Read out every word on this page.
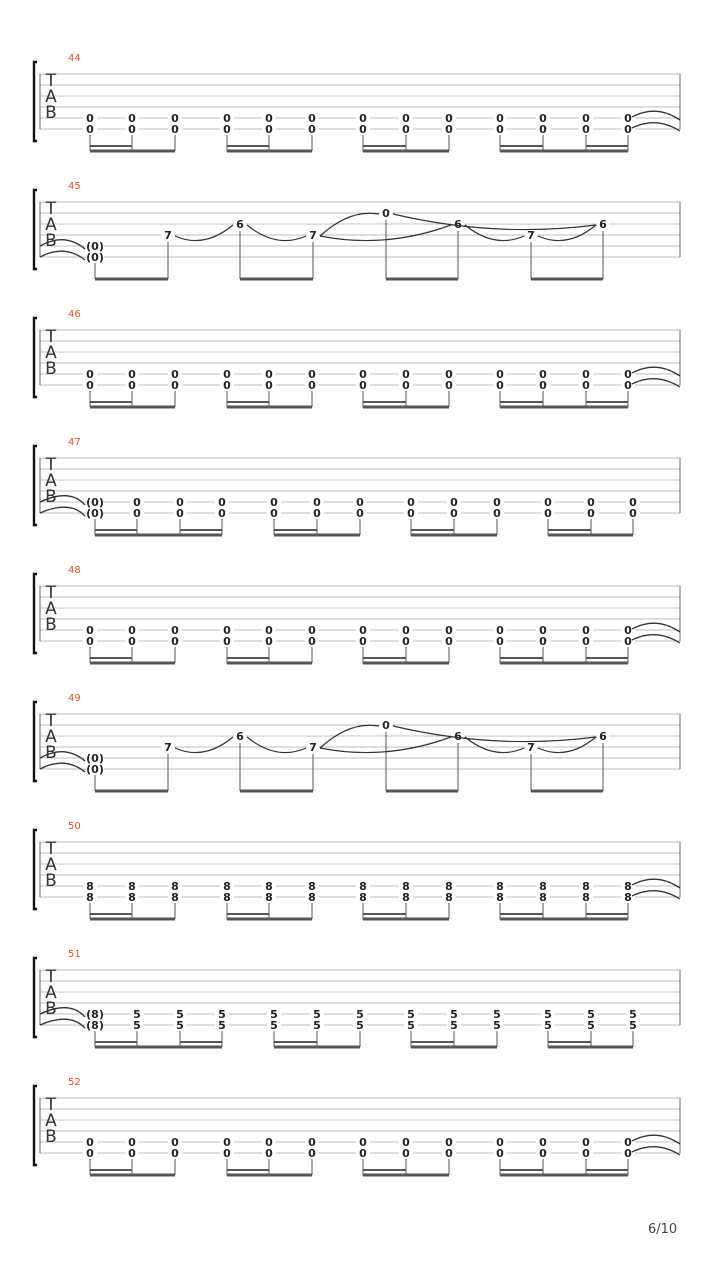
44
T
A
B	0
0
0
0
0
0
0
0
0
0
0
0
0
0
0
0
0
0
0
0
0
0
0
0
0
0
45
T
A
B	(0)
(0)
7
6
7
0
6
7
6
46
T
A
B	0
0
0
0
0
0
0
0
0
0
0
0
0
0
0
0
0
0
0
0
0
0
0
0
0
0
47
T
A
B	(0)
(0)
0
0
0
0
0
0
0
0
0
0
0
0
0
0
0
0
0
0
0
0
0
0
0
0
48
T
A
B	0
0
0
0
0
0
0
0
0
0
0
0
0
0
0
0
0
0
0
0
0
0
0
0
0
0
49
T
A
B	(0)
(0)
7
6
7
0
6
7
6
50
T
A
B	8
8
8
8
8
8
8
8
8
8
8
8
8
8
8
8
8
8
8
8
8
8
8
8
8
8
51
T
A
B	(8)
(8)
5
5
5
5
5
5
5
5
5
5
5
5
5
5
5
5
5
5
5
5
5
5
5
5
52
T
A
B	0
0
0
0
0
0
0
0
0
0
0
0
0
0
0
0
0
0
0
0
0
0
0
0
0
0
6/10
